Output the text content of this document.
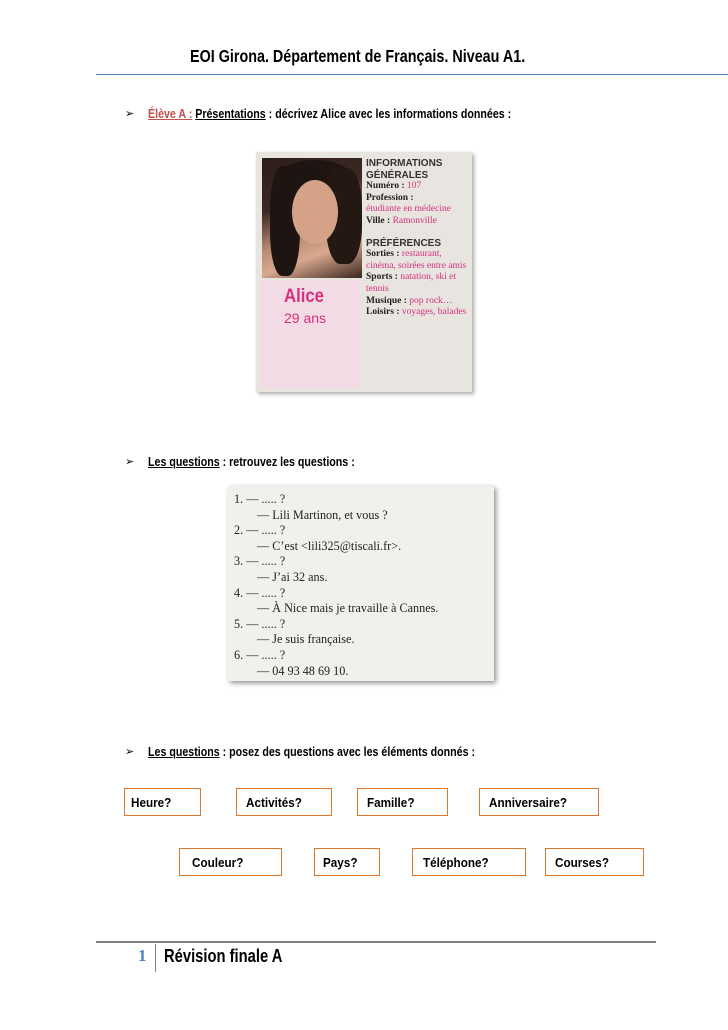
EOI Girona. Département de Français. Niveau A1.
➢	Élève A : Présentations : décrivez Alice avec les informations données :
Alice
29 ans
INFORMATIONS
GÉNÉRALES
Numéro : 107
Profession :
étudiante en médecine
Ville : Ramonville
PRÉFÉRENCES
Sorties : restaurant, cinéma, soirées entre amis
Sports : natation, ski et tennis
Musique : pop rock…
Loisirs : voyages, balades
➢	Les questions : retrouvez les questions :
1. — ..... ?
— Lili Martinon, et vous ?
2. — ..... ?
— C’est <lili325@tiscali.fr>.
3. — ..... ?
— J’ai 32 ans.
4. — ..... ?
— À Nice mais je travaille à Cannes.
5. — ..... ?
— Je suis française.
6. — ..... ?
— 04 93 48 69 10.
➢	Les questions : posez des questions avec les éléments donnés :
Heure?	Activités?	Famille?	Anniversaire?
Couleur?	Pays?	Téléphone?	Courses?
1 Révision finale A
